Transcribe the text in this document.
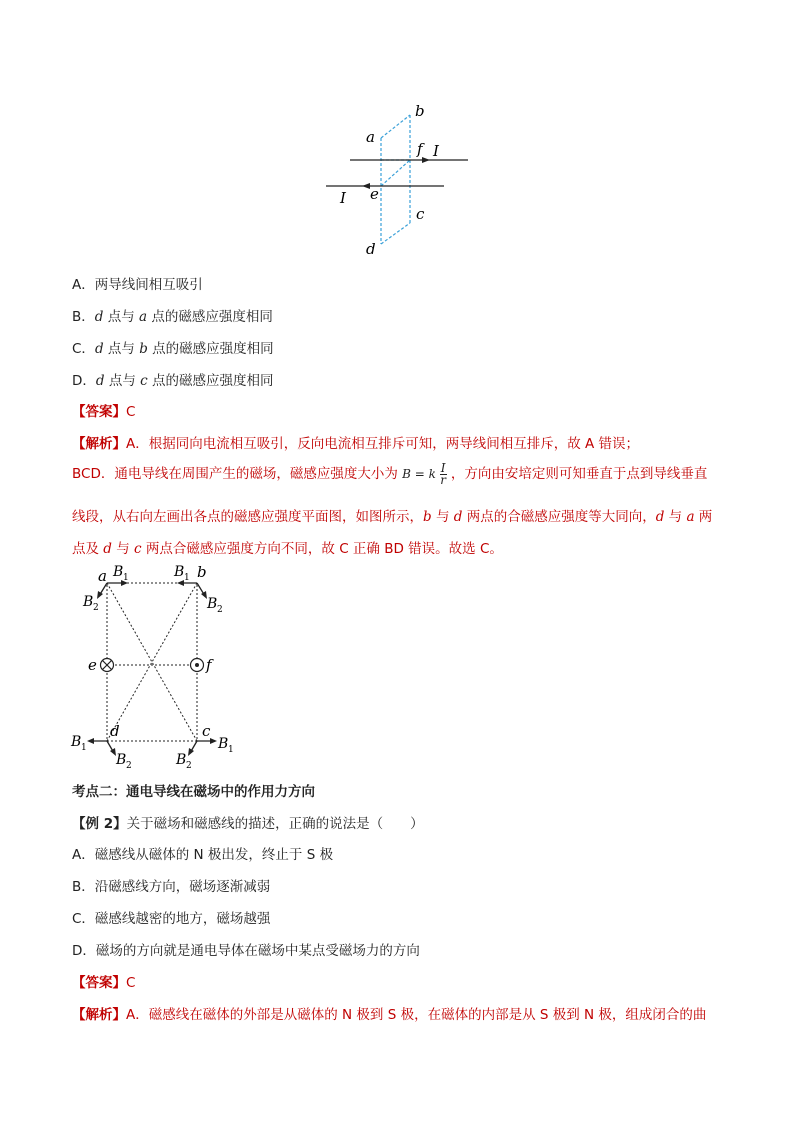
a
b
f I
I e
c
d
A．两导线间相互吸引
B．d 点与 a 点的磁感应强度相同
C．d 点与 b 点的磁感应强度相同
D．d 点与 c 点的磁感应强度相同
【答案】C
【解析】A．根据同向电流相互吸引，反向电流相互排斥可知，两导线间相互排斥，故 A 错误；
BCD．通电导线在周围产生的磁场，磁感应强度大小为 B = k $\frac{I}{r}$ ，方向由安培定则可知垂直于点到导线垂直
线段，从右向左画出各点的磁感应强度平面图，如图所示，b 与 d 两点的合磁感应强度等大同向，d 与 a 两
点及 d 与 c 两点合磁感应强度方向不同，故 C 正确 BD 错误。故选 C。
a	b
e	f
d	c
B 1	B 1
B 2	B 2
B 1	B 1
B 2	B 2
考点二：通电导线在磁场中的作用力方向
【例 2】关于磁场和磁感线的描述，正确的说法是（　　）
A．磁感线从磁体的 N 极出发，终止于 S 极
B．沿磁感线方向，磁场逐渐减弱
C．磁感线越密的地方，磁场越强
D．磁场的方向就是通电导体在磁场中某点受磁场力的方向
【答案】C
【解析】A．磁感线在磁体的外部是从磁体的 N 极到 S 极，在磁体的内部是从 S 极到 N 极，组成闭合的曲
